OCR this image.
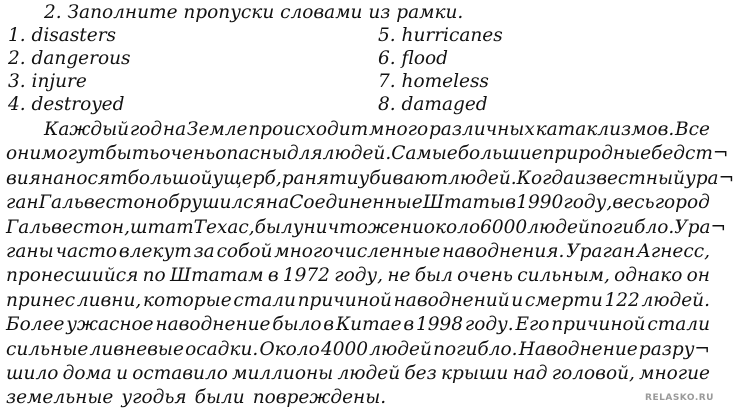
2. Заполните пропуски словами из рамки.
1. disasters
2. dangerous
3. injure
4. destroyed
5. hurricanes
6. flood
7. homeless
8. damaged
Каждый год на Земле происходит много различных катаклизмов. Все
они могут быть очень опасны для людей. Самые большие природные бедст¬
вия наносят большой ущерб, ранят и убивают людей. Когда известный ура¬
ган Гальвестон обрушился на Соединенные Штаты в 1990 году, весь город
Гальвестон, штат Техас, был уничтожен и около 6000 людей погибло. Ура¬
ганы часто влекут за собой многочисленные наводнения. Ураган Агнесс,
пронесшийся по Штатам в 1972 году, не был очень сильным, однако он
принес ливни, которые стали причиной наводнений и смерти 122 людей.
Более ужасное наводнение было в Китае в 1998 году. Его причиной стали
сильные ливневые осадки. Около 4000 людей погибло. Наводнение разру¬
шило дома и оставило миллионы людей без крыши над головой, многие
земельные угодья были повреждены.	RELASKO.RU
